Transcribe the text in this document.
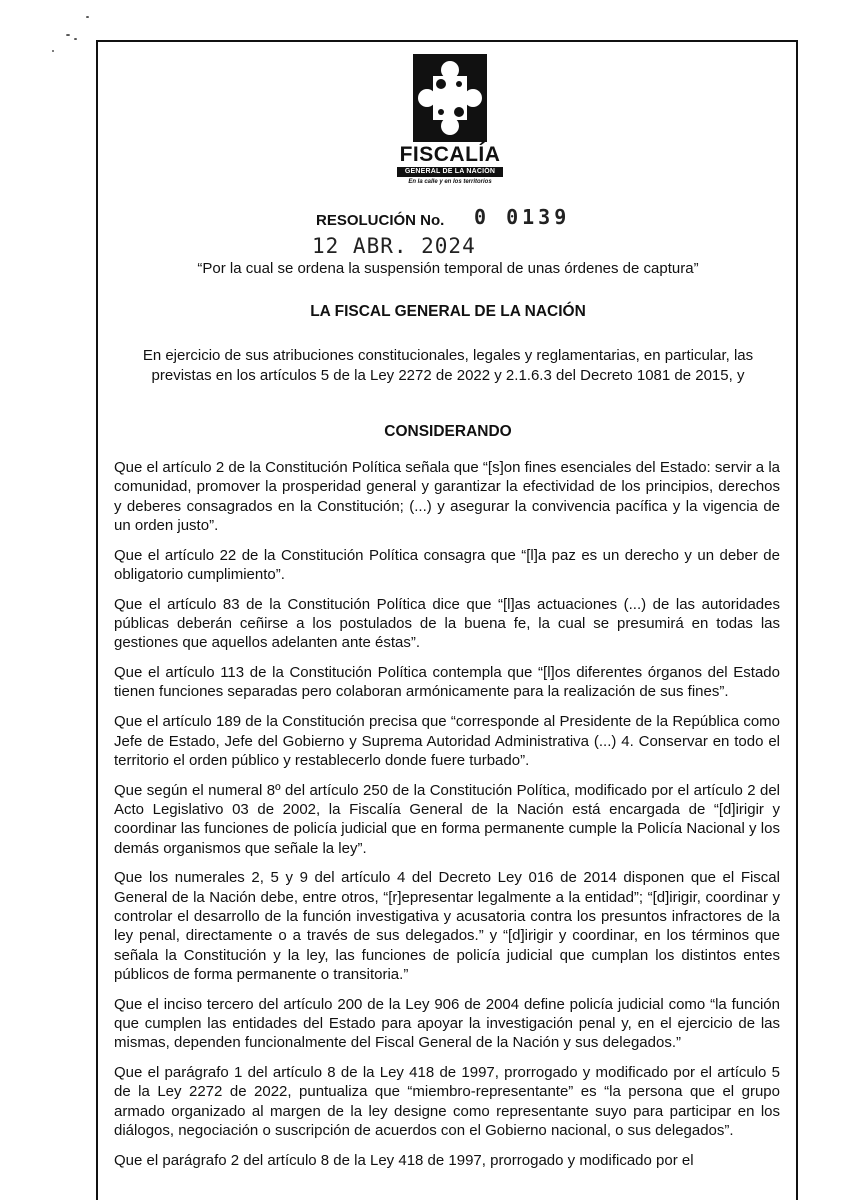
FISCALÍA
GENERAL DE LA NACIÓN
En la calle y en los territorios
RESOLUCIÓN No. 0 0139
12 ABR. 2024
“Por la cual se ordena la suspensión temporal de unas órdenes de captura”
LA FISCAL GENERAL DE LA NACIÓN
En ejercicio de sus atribuciones constitucionales, legales y reglamentarias, en particular, las previstas en los artículos 5 de la Ley 2272 de 2022 y 2.1.6.3 del Decreto 1081 de 2015, y
CONSIDERANDO

Que el artículo 2 de la Constitución Política señala que “[s]on fines esenciales del Estado: servir a la comunidad, promover la prosperidad general y garantizar la efectividad de los principios, derechos y deberes consagrados en la Constitución; (...) y asegurar la convivencia pacífica y la vigencia de un orden justo”.

Que el artículo 22 de la Constitución Política consagra que “[l]a paz es un derecho y un deber de obligatorio cumplimiento”.

Que el artículo 83 de la Constitución Política dice que “[l]as actuaciones (...) de las autoridades públicas deberán ceñirse a los postulados de la buena fe, la cual se presumirá en todas las gestiones que aquellos adelanten ante éstas”.

Que el artículo 113 de la Constitución Política contempla que “[l]os diferentes órganos del Estado tienen funciones separadas pero colaboran armónicamente para la realización de sus fines”.

Que el artículo 189 de la Constitución precisa que “corresponde al Presidente de la República como Jefe de Estado, Jefe del Gobierno y Suprema Autoridad Administrativa (...) 4. Conservar en todo el territorio el orden público y restablecerlo donde fuere turbado”.

Que según el numeral 8º del artículo 250 de la Constitución Política, modificado por el artículo 2 del Acto Legislativo 03 de 2002, la Fiscalía General de la Nación está encargada de “[d]irigir y coordinar las funciones de policía judicial que en forma permanente cumple la Policía Nacional y los demás organismos que señale la ley”.

Que los numerales 2, 5 y 9 del artículo 4 del Decreto Ley 016 de 2014 disponen que el Fiscal General de la Nación debe, entre otros, “[r]epresentar legalmente a la entidad”; “[d]irigir, coordinar y controlar el desarrollo de la función investigativa y acusatoria contra los presuntos infractores de la ley penal, directamente o a través de sus delegados.” y “[d]irigir y coordinar, en los términos que señala la Constitución y la ley, las funciones de policía judicial que cumplan los distintos entes públicos de forma permanente o transitoria.”

Que el inciso tercero del artículo 200 de la Ley 906 de 2004 define policía judicial como “la función que cumplen las entidades del Estado para apoyar la investigación penal y, en el ejercicio de las mismas, dependen funcionalmente del Fiscal General de la Nación y sus delegados.”

Que el parágrafo 1 del artículo 8 de la Ley 418 de 1997, prorrogado y modificado por el artículo 5 de la Ley 2272 de 2022, puntualiza que “miembro-representante” es “la persona que el grupo armado organizado al margen de la ley designe como representante suyo para participar en los diálogos, negociación o suscripción de acuerdos con el Gobierno nacional, o sus delegados”.

Que el parágrafo 2 del artículo 8 de la Ley 418 de 1997, prorrogado y modificado por el
